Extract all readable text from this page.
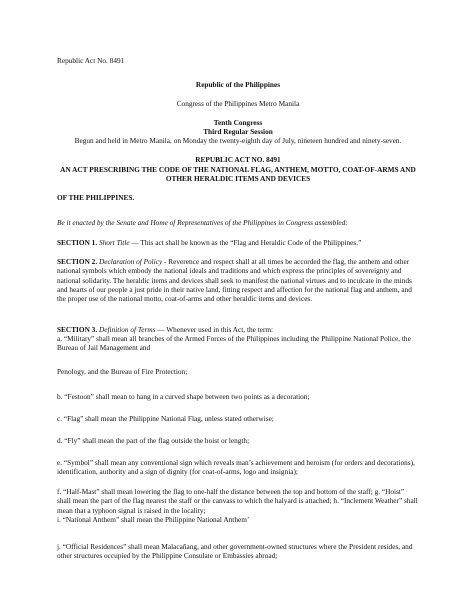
Republic Act No. 8491

Republic of the Philippines

Congress of the Philippines Metro Manila

Tenth Congress

Third Regular Session

Begun and held in Metro Manila, on Monday the twenty-eighth day of July, nineteen hundred and ninety-seven.

REPUBLIC ACT NO. 8491

AN ACT PRESCRIBING THE CODE OF THE NATIONAL FLAG, ANTHEM, MOTTO, COAT-OF-ARMS AND OTHER HERALDIC ITEMS AND DEVICES

OF THE PHILIPPINES.

Be it enacted by the Senate and Home of Representatives of the Philippines in Congress assembled:

SECTION 1. Short Title — This act shall be known as the “Flag and Heraldic Code of the Philippines.”

SECTION 2. Declaration of Policy - Reverence and respect shall at all times be accorded the flag, the anthem and other national symbols which embody the national ideals and traditions and which express the principles of sovereignty and national solidarity. The heraldic items and devices shall seek to manifest the national virtues and to inculcate in the minds and hearts of our people a just pride in their native land, fitting respect and affection for the national flag and anthem, and the proper use of the national motto, coat-of-arms and other heraldic items and devices.

SECTION 3. Definition of Terms — Whenever used in this Act, the term:

a. “Military” shall mean all branches of the Armed Forces of the Philippines including the Philippine National Police, the Bureau of Jail Management and

Penology, and the Bureau of Fire Protection;

b. “Festoon” shall mean to hang in a curved shape between two points as a decoration;

c. “Flag” shall mean the Philippine National Flag, unless stated otherwise;

d. “Fly” shall mean the part of the flag outside the hoist or length;

e. “Symbol” shall mean any conventional sign which reveals man’s achievement and heroism (for orders and decorations), identification, authority and a sign of dignity (for coat-of-arms, logo and insignia);

f. “Half-Mast” shall mean lowering the flag to one-half the distance between the top and bottom of the staff; g. “Hoist” shall mean the part of the flag nearest the staff or the canvass to which the halyard is attached; h. “Inclement Weather” shall mean that a typhoon signal is raised in the locality;

i. “National Anthem” shall mean the Philippine National Anthem’

j. “Official Residences” shall mean Malacañang, and other government-owned structures where the President resides, and other structures occupied by the Philippine Consulate or Embassies abroad;
